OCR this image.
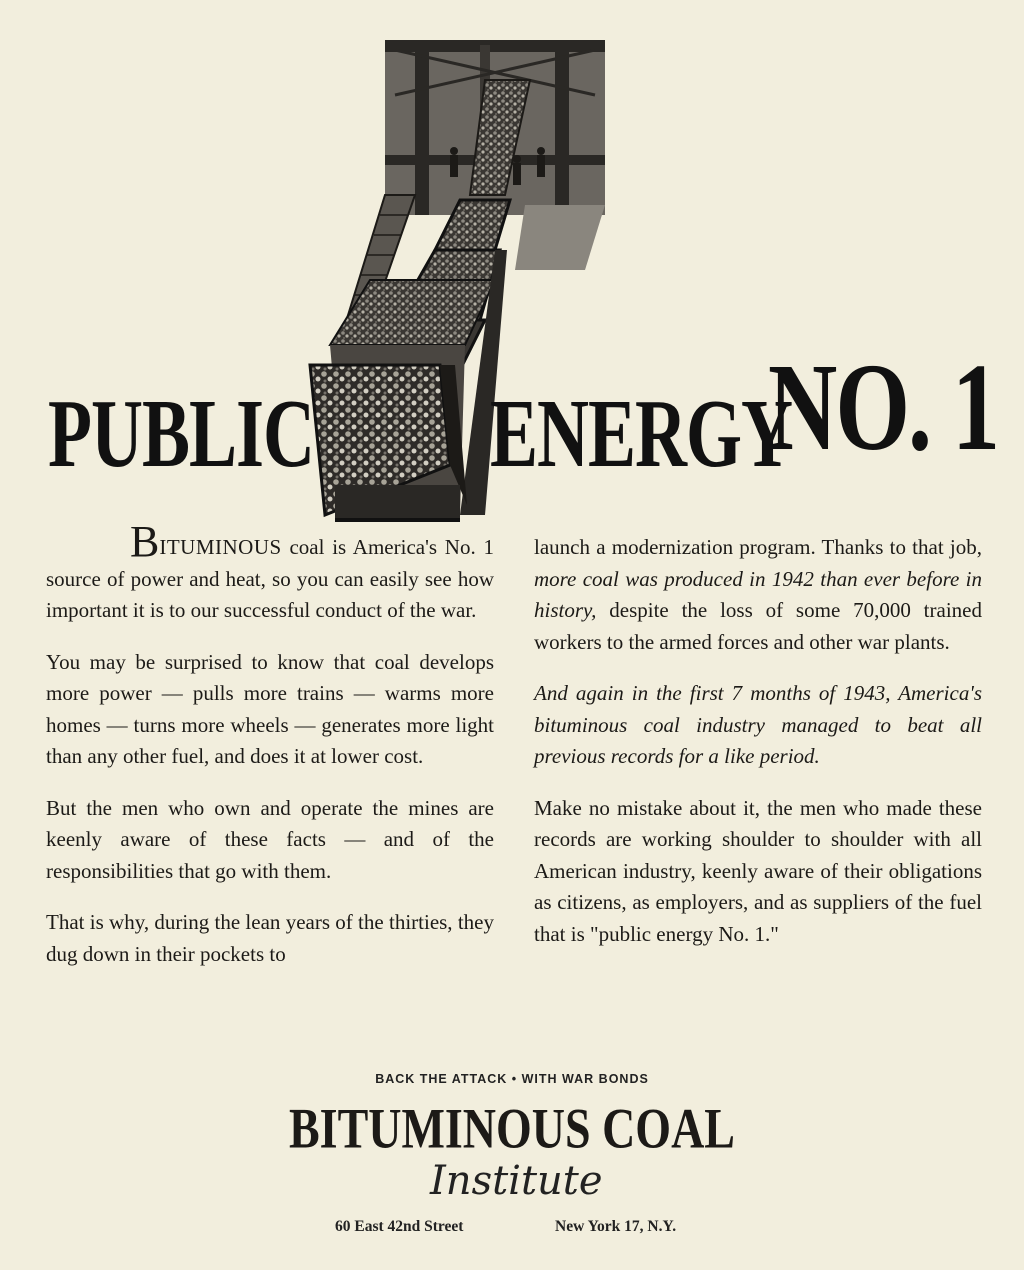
PUBLIC ENERGY
NO. 1

BITUMINOUS coal is America's No. 1 source of power and heat, so you can easily see how important it is to our successful conduct of the war.

You may be surprised to know that coal develops more power — pulls more trains — warms more homes — turns more wheels — generates more light than any other fuel, and does it at lower cost.

But the men who own and operate the mines are keenly aware of these facts — and of the responsibilities that go with them.

That is why, during the lean years of the thirties, they dug down in their pockets to

launch a modernization program. Thanks to that job, more coal was produced in 1942 than ever before in history, despite the loss of some 70,000 trained workers to the armed forces and other war plants.

And again in the first 7 months of 1943, America's bituminous coal industry managed to beat all previous records for a like period.

Make no mistake about it, the men who made these records are working shoulder to shoulder with all American industry, keenly aware of their obligations as citizens, as employers, and as suppliers of the fuel that is "public energy No. 1."

BACK THE ATTACK • WITH WAR BONDS
BITUMINOUS COAL
Institute
60 East 42nd Street	New York 17, N.Y.
